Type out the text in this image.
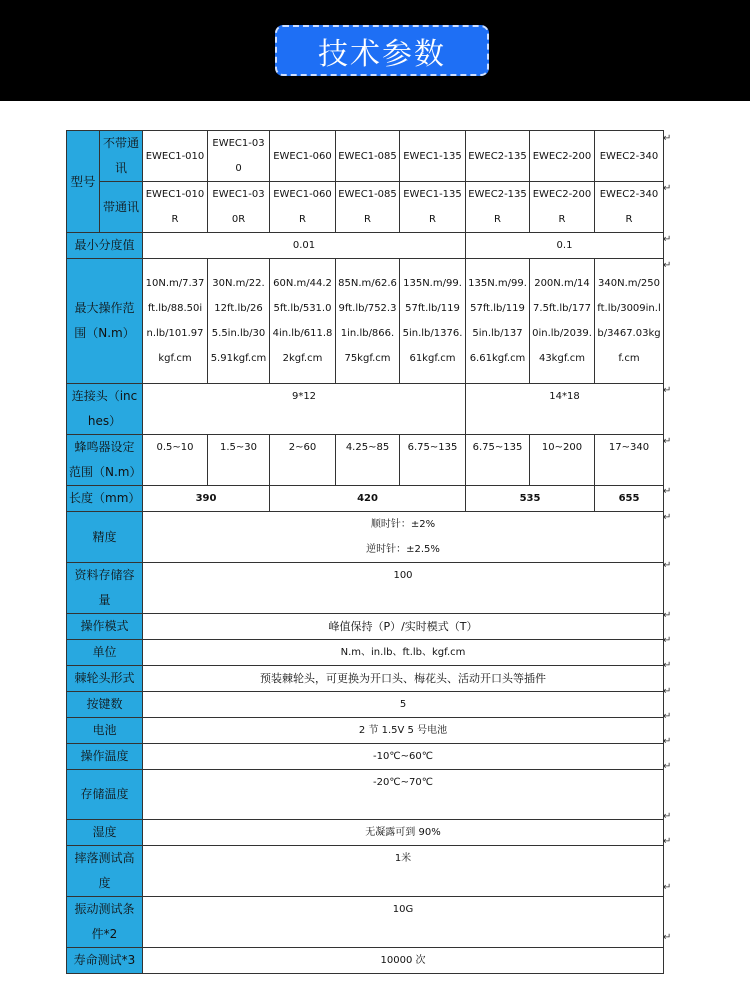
技术参数
型号	不带通讯	EWEC1-010	EWEC1-030	EWEC1-060	EWEC1-085	EWEC1-135	EWEC2-135	EWEC2-200	EWEC2-340
	带通讯	EWEC1-010R	EWEC1-030R	EWEC1-060R	EWEC1-085R	EWEC1-135R	EWEC2-135R	EWEC2-200R	EWEC2-340R
最小分度值		0.01					0.1		
最大操作范围（N.m）		10N.m/7.37ft.lb/88.50in.lb/101.97kgf.cm	30N.m/22.12ft.lb/265.5in.lb/305.91kgf.cm	60N.m/44.25ft.lb/531.04in.lb/611.82kgf.cm	85N.m/62.69ft.lb/752.31in.lb/866.75kgf.cm	135N.m/99.57ft.lb/1195in.lb/1376.61kgf.cm	135N.m/99.57ft.lb/1195in.lb/1376.61kgf.cm	200N.m/147.5ft.lb/1770in.lb/2039.43kgf.cm	340N.m/250ft.lb/3009in.lb/3467.03kgf.cm
连接头（inches）		9*12					14*18		
蜂鸣器设定范围（N.m）		0.5~10	1.5~30	2~60	4.25~85	6.75~135	6.75~135	10~200	17~340
长度（mm）		390		420			535		655
精度		顺时针：±2%
逆时针：±2.5%							

资料存储容量		100							
操作模式		峰值保持（P）/实时模式（T）							
单位		N.m、in.lb、ft.lb、kgf.cm							
棘轮头形式		预装棘轮头，可更换为开口头、梅花头、活动开口头等插件							
按键数		5							
电池		2 节 1.5V 5 号电池							
操作温度		-10℃~60℃							
存储温度		-20℃~70℃							
湿度		无凝露可到 90%							
摔落测试高度		1米							
振动测试条件*2		10G							
寿命测试*3		10000 次							
↵
↵
↵
↵
↵
↵
↵
↵
↵
↵
↵
↵
↵
↵
↵
↵
↵
↵
↵
↵
